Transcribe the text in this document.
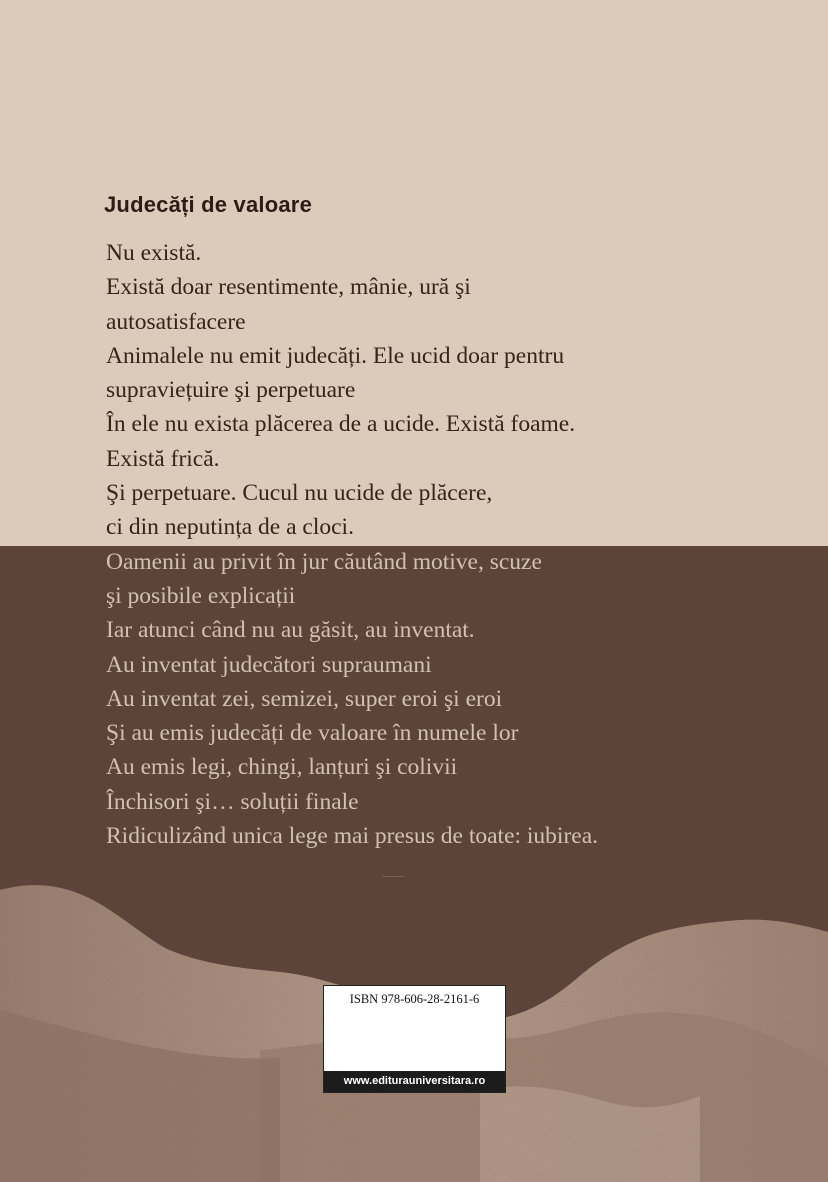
Judecăți de valoare
Nu există.
Există doar resentimente, mânie, ură şi
autosatisfacere
Animalele nu emit judecăți. Ele ucid doar pentru
supraviețuire şi perpetuare
În ele nu exista plăcerea de a ucide. Există foame.
Există frică.
Şi perpetuare. Cucul nu ucide de plăcere,
ci din neputința de a cloci.
Oamenii au privit în jur căutând motive, scuze
şi posibile explicații
Iar atunci când nu au găsit, au inventat.
Au inventat judecători supraumani
Au inventat zei, semizei, super eroi şi eroi
Şi au emis judecăți de valoare în numele lor
Au emis legi, chingi, lanțuri şi colivii
Închisori şi… soluții finale
Ridiculizând unica lege mai presus de toate: iubirea.
ISBN 978-606-28-2161-6
www.editurauniversitara.ro
